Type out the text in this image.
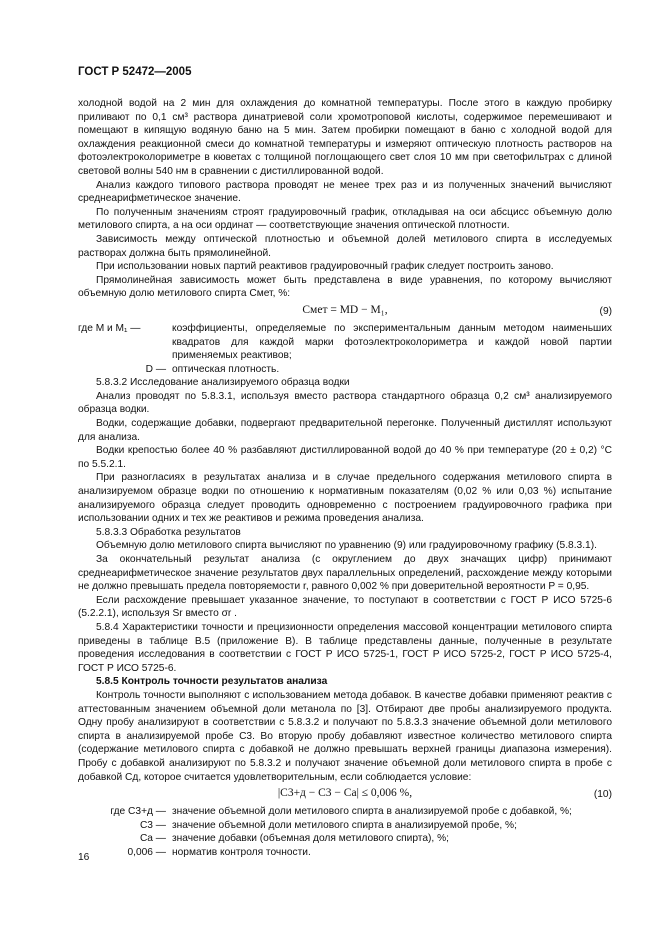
ГОСТ Р 52472—2005

холодной водой на 2 мин для охлаждения до комнатной температуры. После этого в каждую пробирку приливают по 0,1 см³ раствора динатриевой соли хромотроповой кислоты, содержимое перемешивают и помещают в кипящую водяную баню на 5 мин. Затем пробирки помещают в баню с холодной водой для охлаждения реакционной смеси до комнатной температуры и измеряют оптическую плотность растворов на фотоэлектроколориметре в кюветах с толщиной поглощающего свет слоя 10 мм при светофильтрах с длиной световой волны 540 нм в сравнении с дистиллированной водой.

Анализ каждого типового раствора проводят не менее трех раз и из полученных значений вычисляют среднеарифметическое значение.

По полученным значениям строят градуировочный график, откладывая на оси абсцисс объемную долю метилового спирта, а на оси ординат — соответствующие значения оптической плотности.

Зависимость между оптической плотностью и объемной долей метилового спирта в исследуемых растворах должна быть прямолинейной.

При использовании новых партий реактивов градуировочный график следует построить заново.

Прямолинейная зависимость может быть представлена в виде уравнения, по которому вычисляют объемную долю метилового спирта Cмет, %:

Cмет = MD − M₁,	(9)
где M и M₁ —	коэффициенты, определяемые по экспериментальным данным методом наименьших квадратов для каждой марки фотоэлектроколориметра и каждой новой партии применяемых реактивов;
D — оптическая плотность.

5.8.3.2 Исследование анализируемого образца водки

Анализ проводят по 5.8.3.1, используя вместо раствора стандартного образца 0,2 см³ анализируемого образца водки.

Водки, содержащие добавки, подвергают предварительной перегонке. Полученный дистиллят используют для анализа.

Водки крепостью более 40 % разбавляют дистиллированной водой до 40 % при температуре (20 ± 0,2) °С по 5.5.2.1.

При разногласиях в результатах анализа и в случае предельного содержания метилового спирта в анализируемом образце водки по отношению к нормативным показателям (0,02 % или 0,03 %) испытание анализируемого образца следует проводить одновременно с построением градуировочного графика при использовании одних и тех же реактивов и режима проведения анализа.

5.8.3.3 Обработка результатов

Объемную долю метилового спирта вычисляют по уравнению (9) или градуировочному графику (5.8.3.1).

За окончательный результат анализа (с округлением до двух значащих цифр) принимают среднеарифметическое значение результатов двух параллельных определений, расхождение между которыми не должно превышать предела повторяемости r, равного 0,002 % при доверительной вероятности P = 0,95.

Если расхождение превышает указанное значение, то поступают в соответствии с ГОСТ Р ИСО 5725-6 (5.2.2.1), используя Sr вместо σr .

5.8.4 Характеристики точности и прецизионности определения массовой концентрации метилового спирта приведены в таблице В.5 (приложение В). В таблице представлены данные, полученные в результате проведения исследования в соответствии с ГОСТ Р ИСО 5725-1, ГОСТ Р ИСО 5725-2, ГОСТ Р ИСО 5725-4, ГОСТ Р ИСО 5725-6.

5.8.5 Контроль точности результатов анализа

Контроль точности выполняют с использованием метода добавок. В качестве добавки применяют реактив с аттестованным значением объемной доли метанола по [3]. Отбирают две пробы анализируемого продукта. Одну пробу анализируют в соответствии с 5.8.3.2 и получают по 5.8.3.3 значение объемной доли метилового спирта в анализируемой пробе C3. Во вторую пробу добавляют известное количество метилового спирта (содержание метилового спирта с добавкой не должно превышать верхней границы диапазона измерения). Пробу с добавкой анализируют по 5.8.3.2 и получают значение объемной доли метилового спирта в пробе с добавкой Cд, которое считается удовлетворительным, если соблюдается условие:

|C3+д − C3 − Cа| ≤ 0,006 %,	(10)
где C3+д — значение объемной доли метилового спирта в анализируемой пробе с добавкой, %;
C3 — значение объемной доли метилового спирта в анализируемой пробе, %;
Cа — значение добавки (объемная доля метилового спирта), %;
0,006 — норматив контроля точности.
16
